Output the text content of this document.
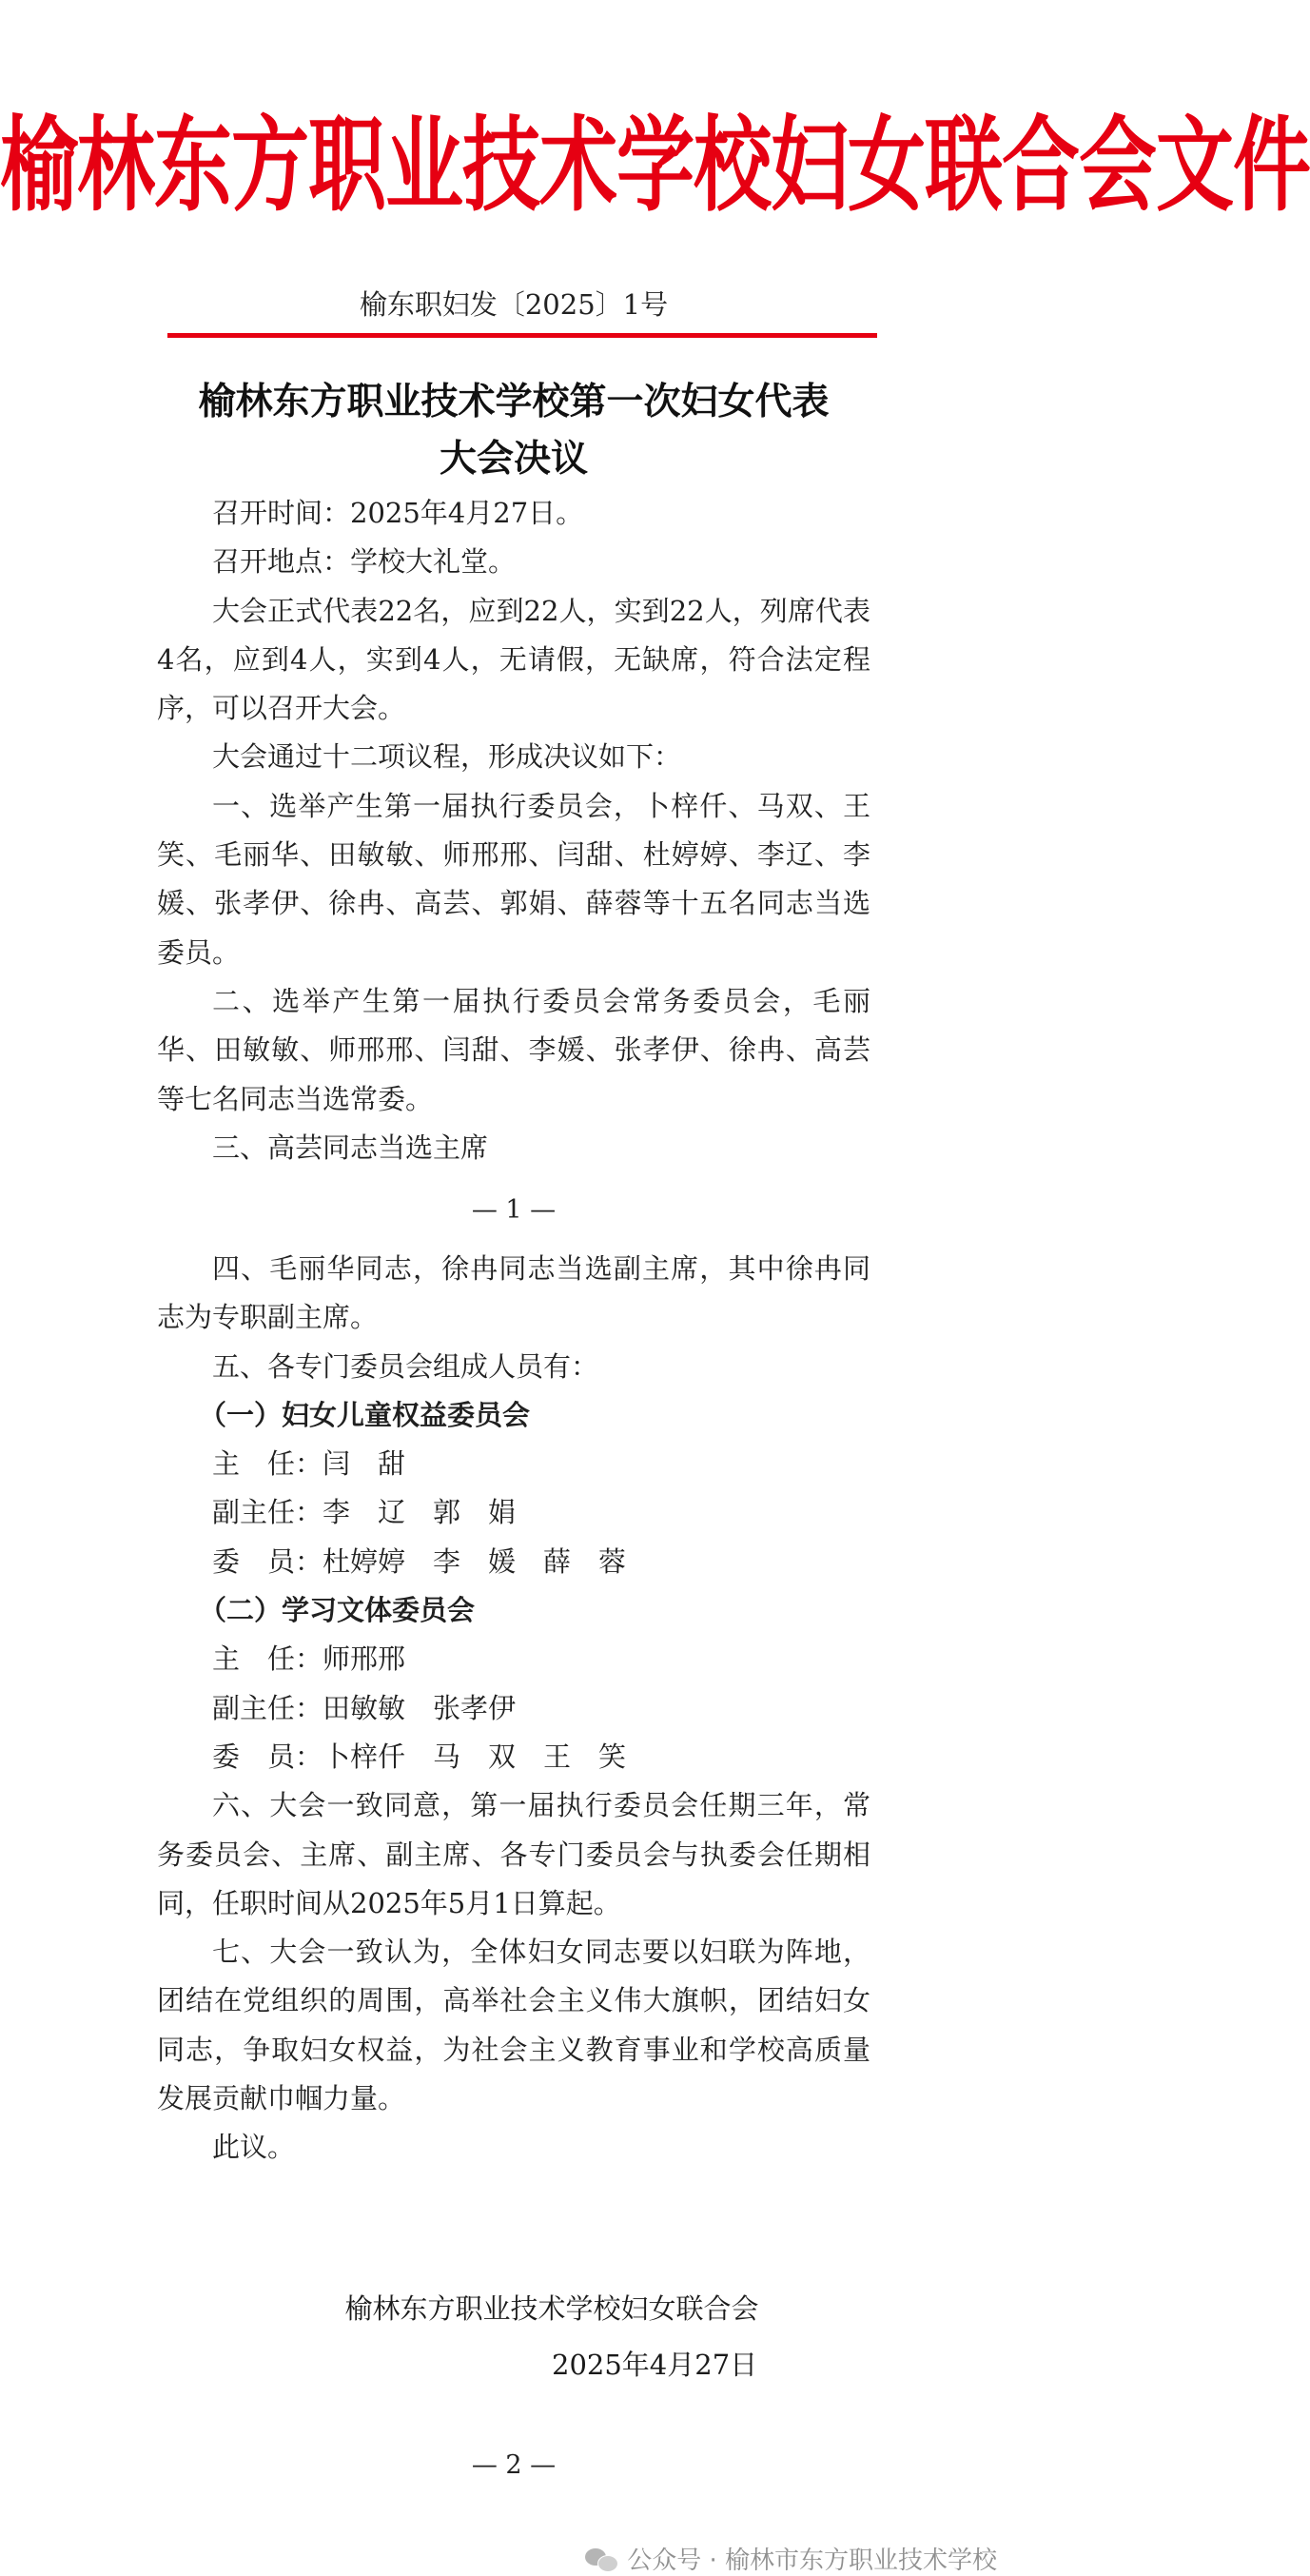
榆林东方职业技术学校妇女联合会文件
榆东职妇发〔2025〕1号
榆林东方职业技术学校第一次妇女代表
大会决议

召开时间：2025年4月27日。

召开地点：学校大礼堂。

大会正式代表22名，应到22人，实到22人，列席代表4名，应到4人，实到4人，无请假，无缺席，符合法定程序，可以召开大会。

大会通过十二项议程，形成决议如下：

一、选举产生第一届执行委员会，卜梓仟、马双、王笑、毛丽华、田敏敏、师邢邢、闫甜、杜婷婷、李辽、李媛、张孝伊、徐冉、高芸、郭娟、薛蓉等十五名同志当选委员。

二、选举产生第一届执行委员会常务委员会，毛丽华、田敏敏、师邢邢、闫甜、李媛、张孝伊、徐冉、高芸等七名同志当选常委。

三、高芸同志当选主席

— 1 —

四、毛丽华同志，徐冉同志当选副主席，其中徐冉同志为专职副主席。

五、各专门委员会组成人员有：

（一）妇女儿童权益委员会

主　任：闫　甜

副主任：李　辽　郭　娟

委　员：杜婷婷　李　媛　薛　蓉

（二）学习文体委员会

主　任：师邢邢

副主任：田敏敏　张孝伊

委　员：卜梓仟　马　双　王　笑

六、大会一致同意，第一届执行委员会任期三年，常务委员会、主席、副主席、各专门委员会与执委会任期相同，任职时间从2025年5月1日算起。

七、大会一致认为，全体妇女同志要以妇联为阵地，团结在党组织的周围，高举社会主义伟大旗帜，团结妇女同志，争取妇女权益，为社会主义教育事业和学校高质量发展贡献巾帼力量。

此议。

榆林东方职业技术学校妇女联合会
2025年4月27日
— 2 —
公众号 · 榆林市东方职业技术学校
